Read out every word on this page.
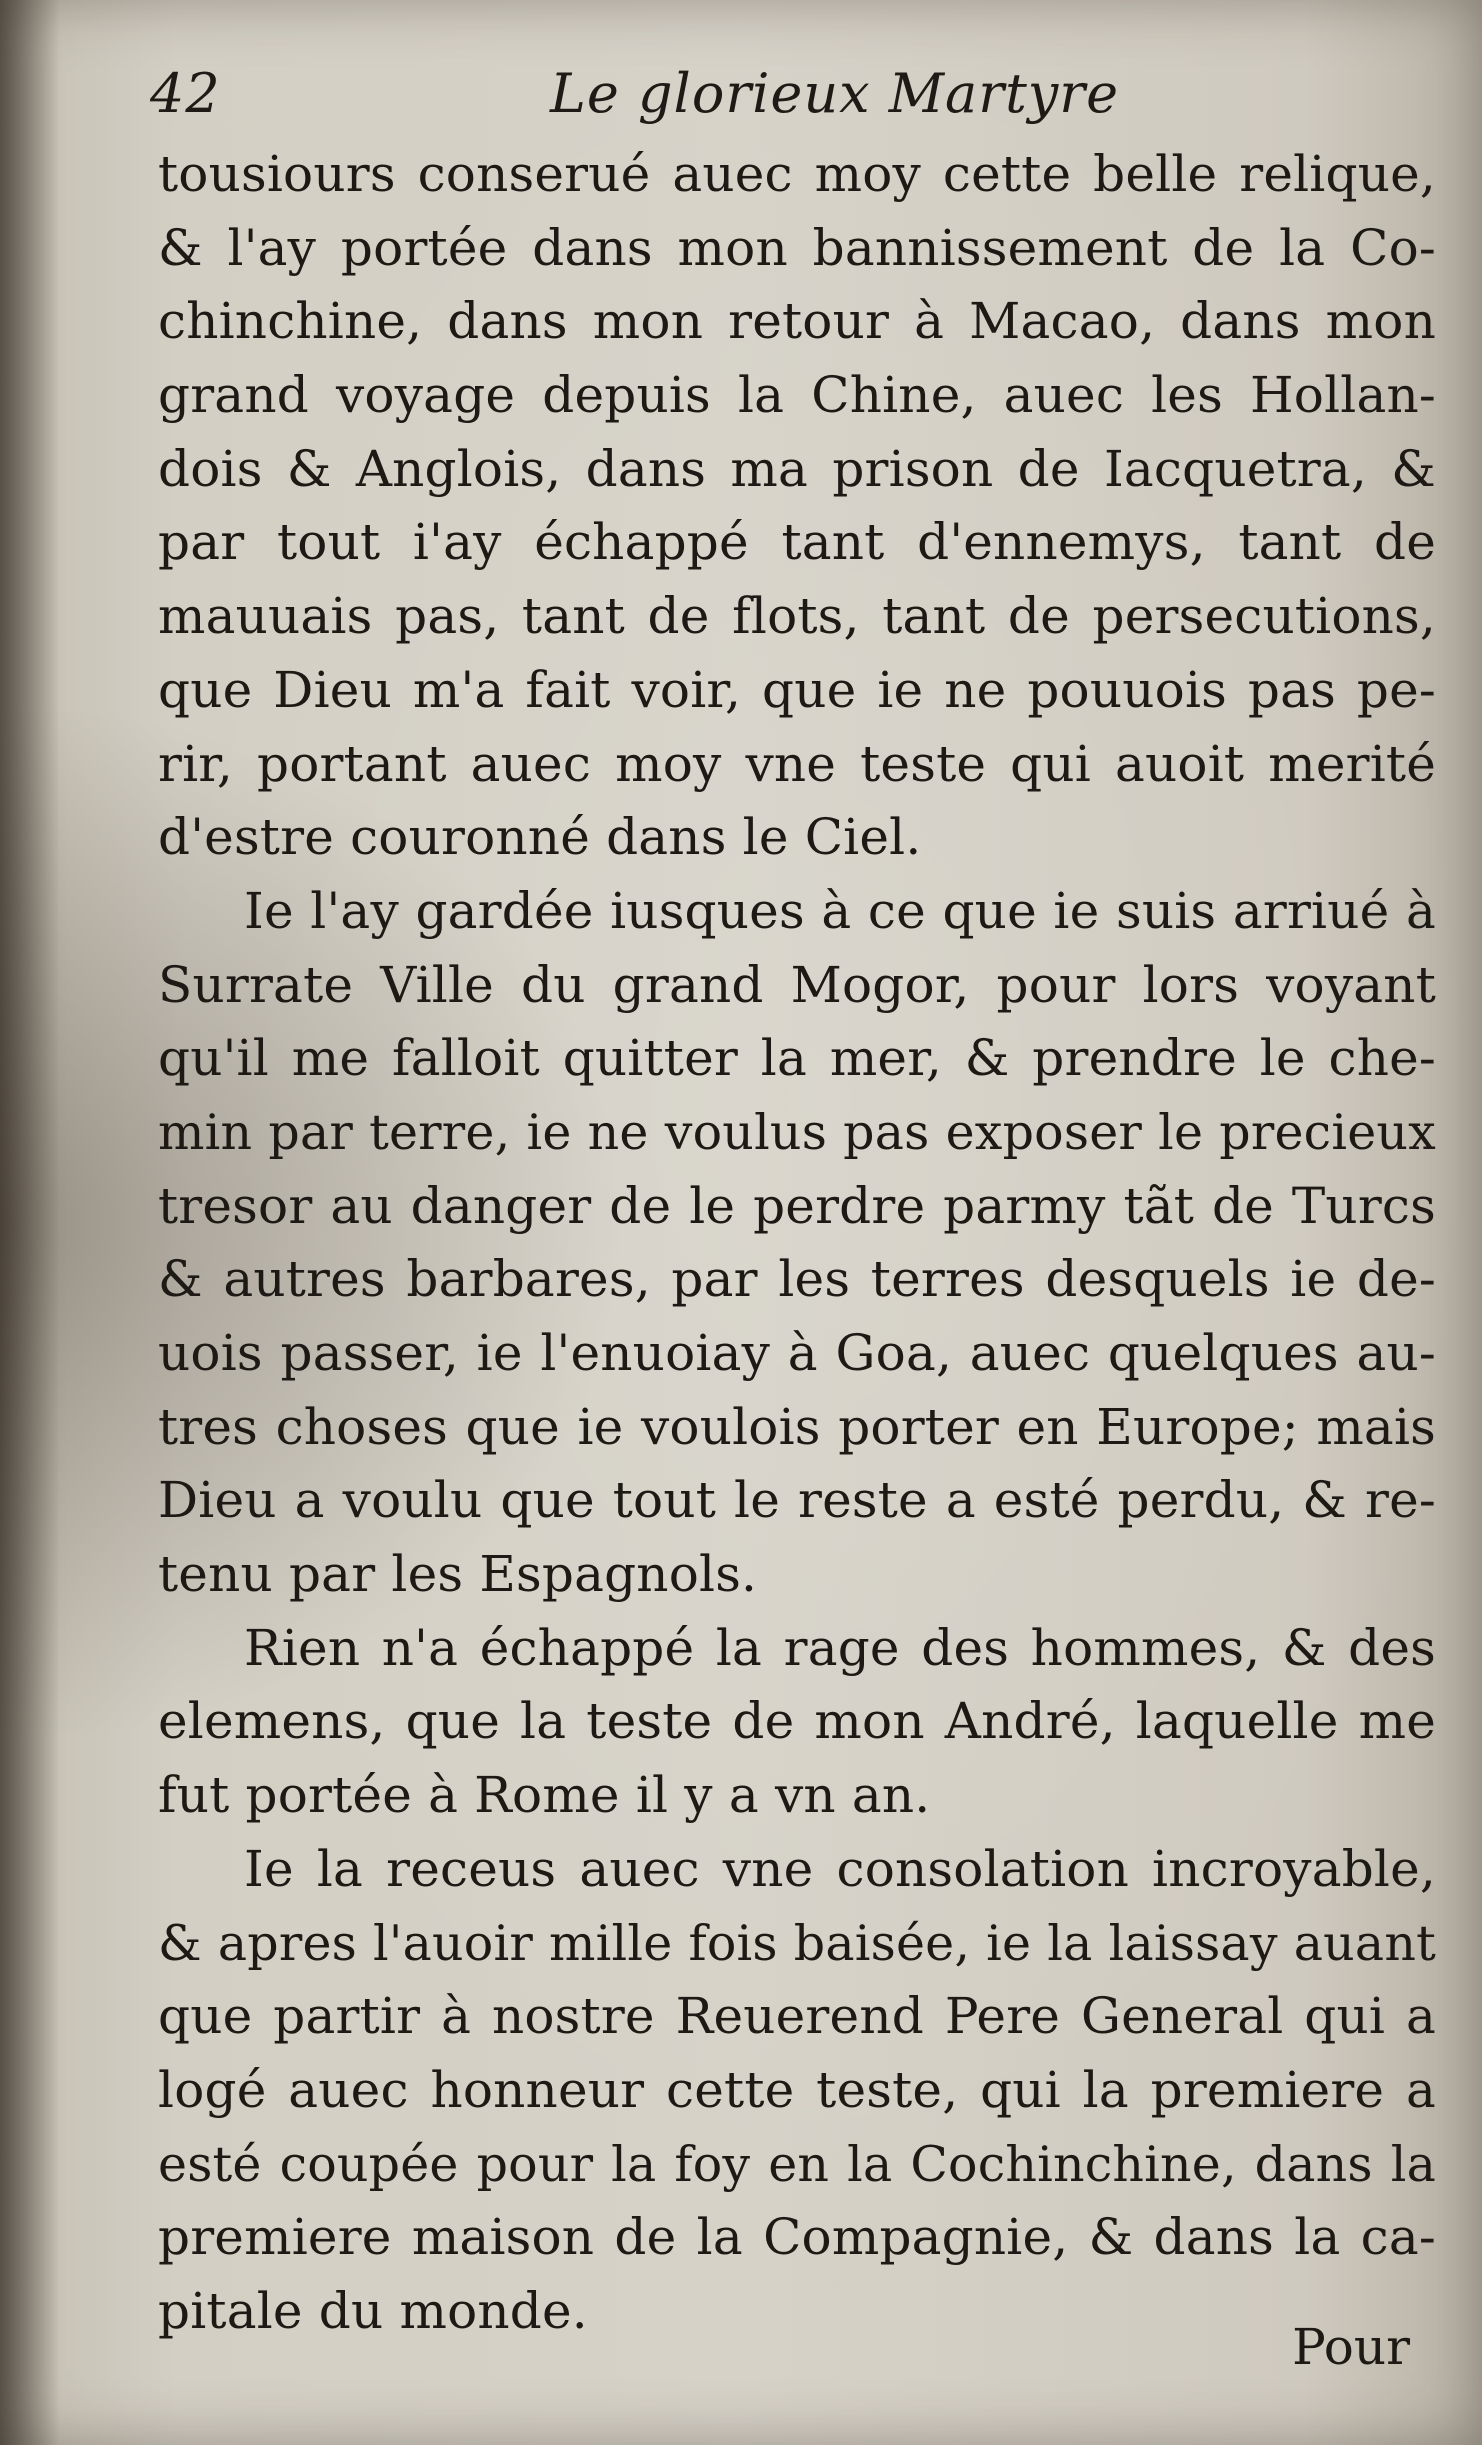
42	Le glorieux Martyre
tousiours conserué auec moy cette belle relique,
& l'ay portée dans mon bannissement de la Co-
chinchine, dans mon retour à Macao, dans mon
grand voyage depuis la Chine, auec les Hollan-
dois & Anglois, dans ma prison de Iacquetra, &
par tout i'ay échappé tant d'ennemys, tant de
mauuais pas, tant de flots, tant de persecutions,
que Dieu m'a fait voir, que ie ne pouuois pas pe-
rir, portant auec moy vne teste qui auoit merité
d'estre couronné dans le Ciel.
Ie l'ay gardée iusques à ce que ie suis arriué à
Surrate Ville du grand Mogor, pour lors voyant
qu'il me falloit quitter la mer, & prendre le che-
min par terre, ie ne voulus pas exposer le precieux
tresor au danger de le perdre parmy tãt de Turcs
& autres barbares, par les terres desquels ie de-
uois passer, ie l'enuoiay à Goa, auec quelques au-
tres choses que ie voulois porter en Europe; mais
Dieu a voulu que tout le reste a esté perdu, & re-
tenu par les Espagnols.
Rien n'a échappé la rage des hommes, & des
elemens, que la teste de mon André, laquelle me
fut portée à Rome il y a vn an.
Ie la receus auec vne consolation incroyable,
& apres l'auoir mille fois baisée, ie la laissay auant
que partir à nostre Reuerend Pere General qui a
logé auec honneur cette teste, qui la premiere a
esté coupée pour la foy en la Cochinchine, dans la
premiere maison de la Compagnie, & dans la ca-
pitale du monde.
Pour
